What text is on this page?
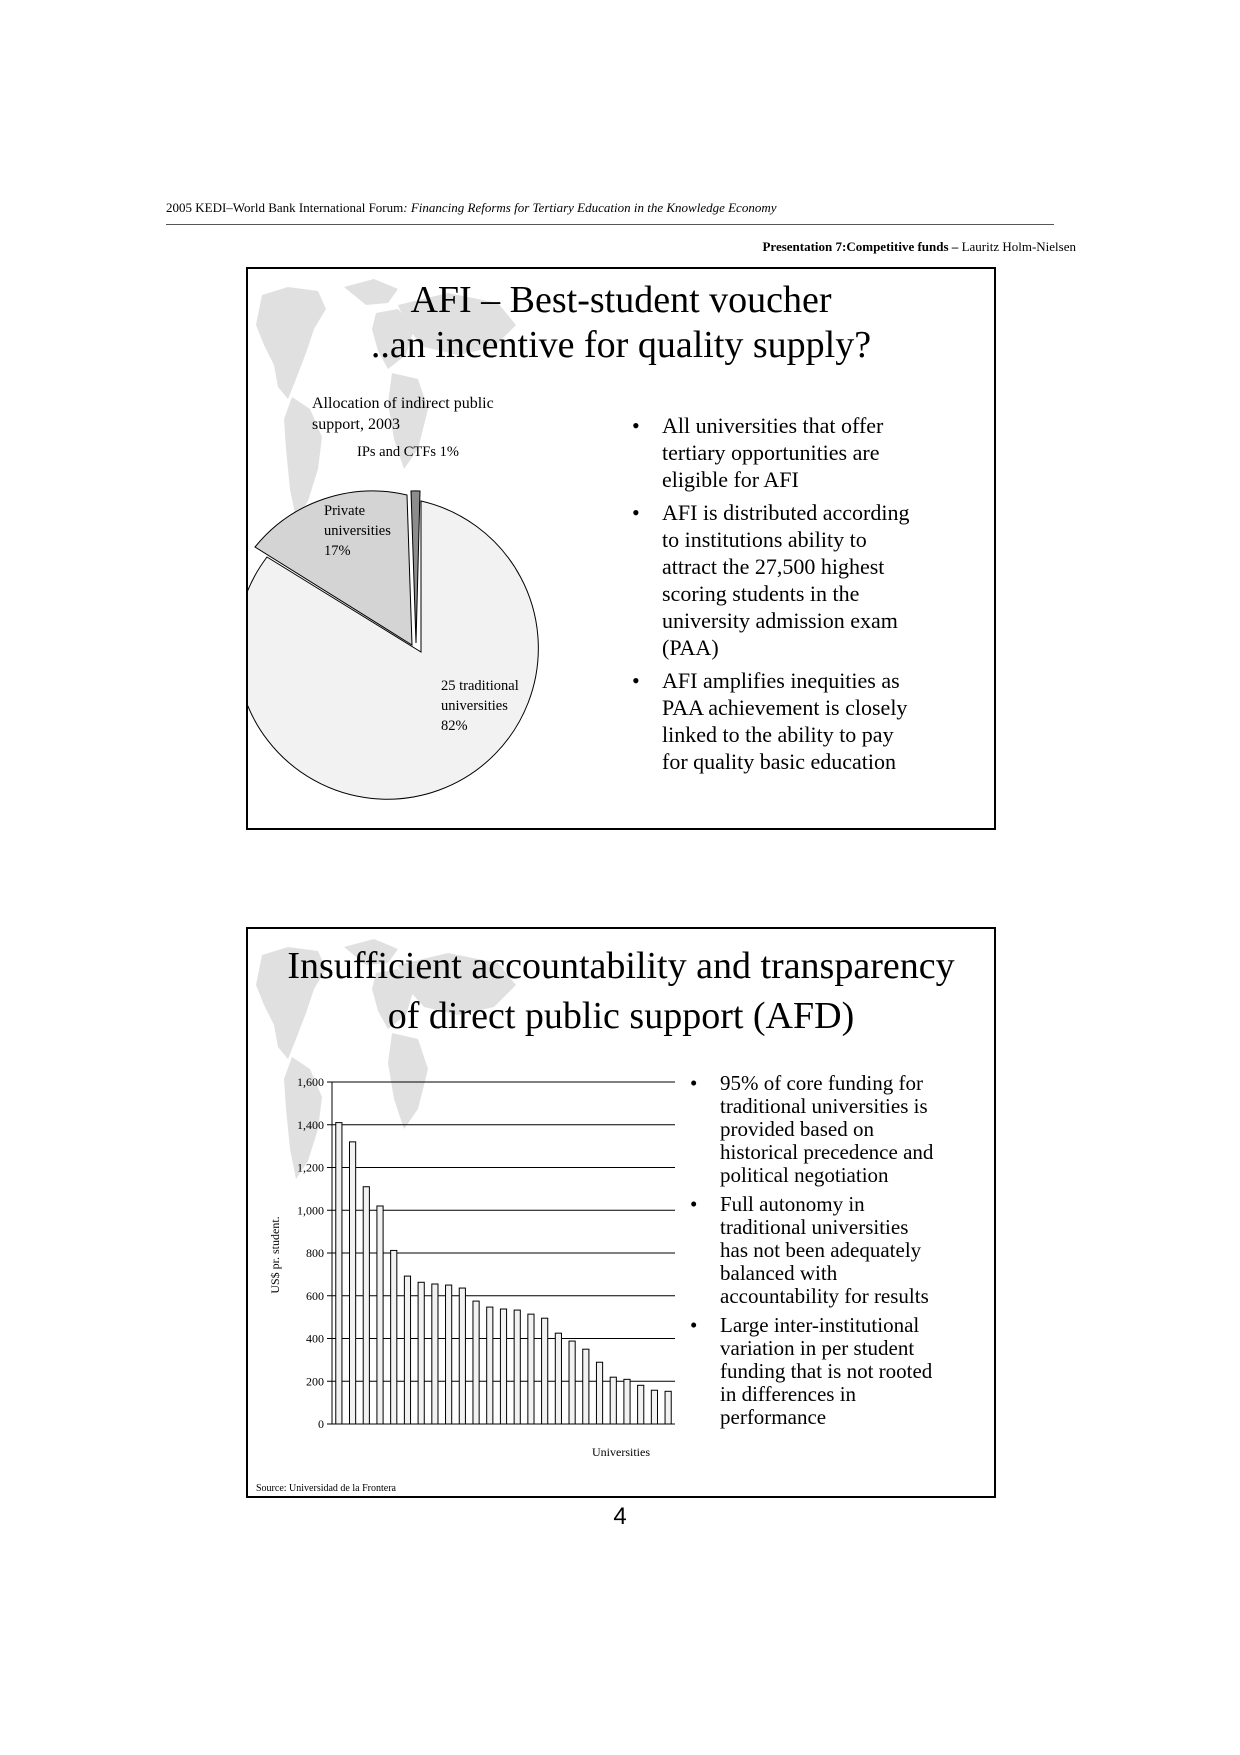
2005 KEDI–World Bank International Forum: Financing Reforms for Tertiary Education in the Knowledge Economy
Presentation 7:Competitive funds – Lauritz Holm-Nielsen
AFI – Best-student voucher
..an incentive for quality supply?
Allocation of indirect public
support, 2003
IPs and CTFs 1%
Private
universities
17%
25 traditional
universities
82%
• All universities that offer
tertiary opportunities are
eligible for AFI
• AFI is distributed according
to institutions ability to
attract the 27,500 highest
scoring students in the
university admission exam
(PAA)
• AFI amplifies inequities as
PAA achievement is closely
linked to the ability to pay
for quality basic education
Insufficient accountability and transparency
of direct public support (AFD)
0
200
400
600
800
1,000
1,200
1,400
1,600
Universities
US$ pr. student.
• 95% of core funding for
traditional universities is
provided based on
historical precedence and
political negotiation
• Full autonomy in
traditional universities
has not been adequately
balanced with
accountability for results
• Large inter-institutional
variation in per student
funding that is not rooted
in differences in
performance
Source: Universidad de la Frontera
4
